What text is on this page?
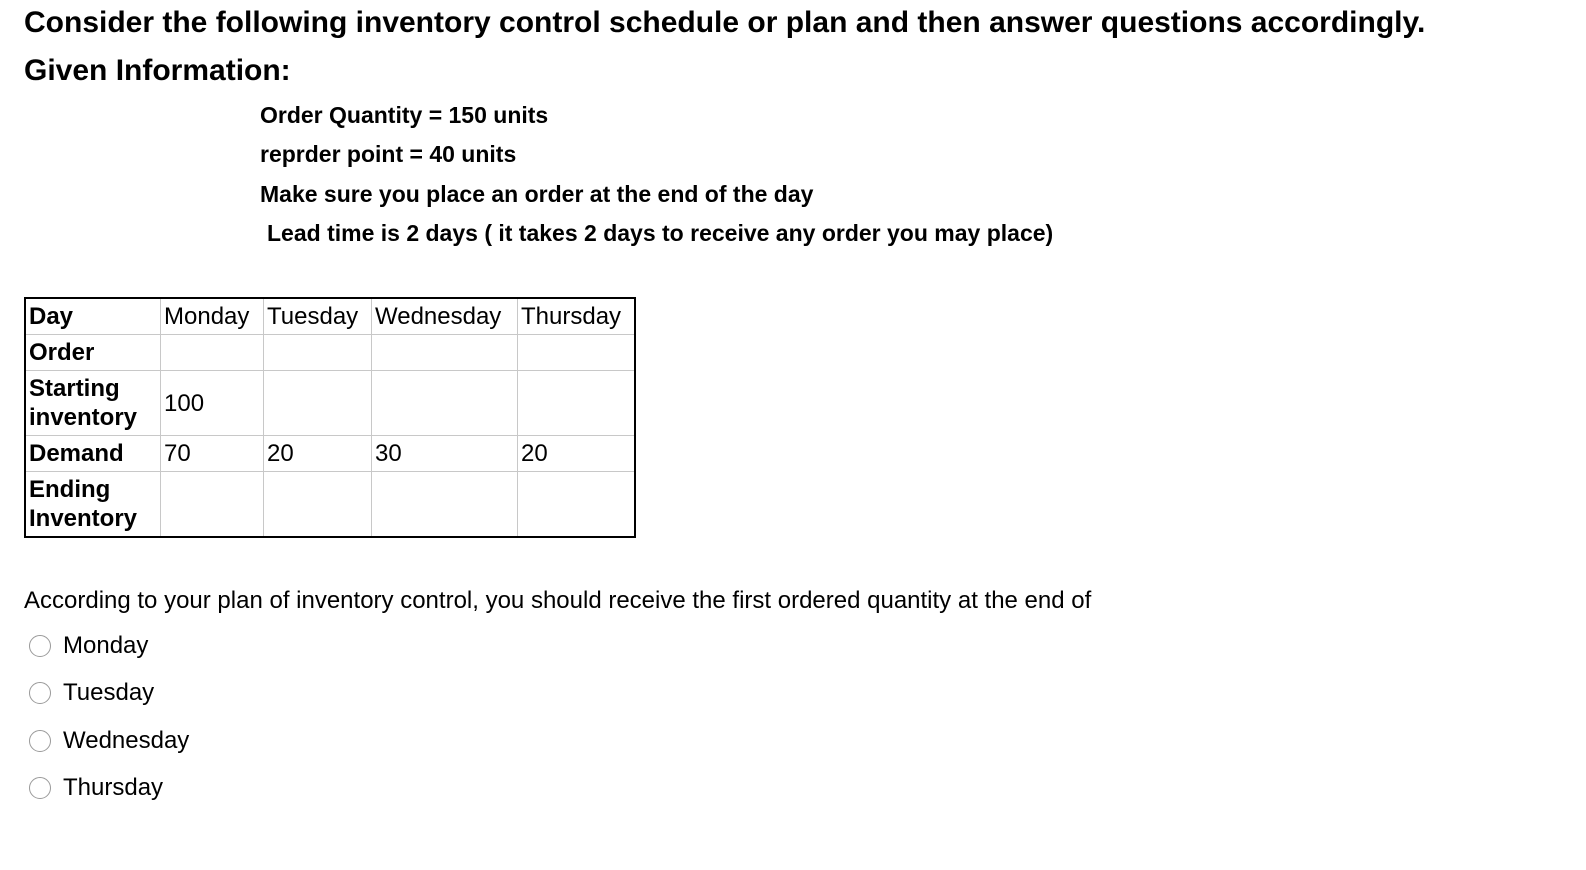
Consider the following inventory control schedule or plan and then answer questions accordingly.
Given Information:
Order Quantity = 150 units
reprder point = 40 units
Make sure you place an order at the end of the day
Lead time is 2 days ( it takes 2 days to receive any order you may place)
Day	Monday	Tuesday	Wednesday	Thursday
Order				
Starting inventory	100			
Demand	70	20	30	20
Ending Inventory				
According to your plan of inventory control, you should receive the first ordered quantity at the end of
Monday
Tuesday
Wednesday
Thursday
